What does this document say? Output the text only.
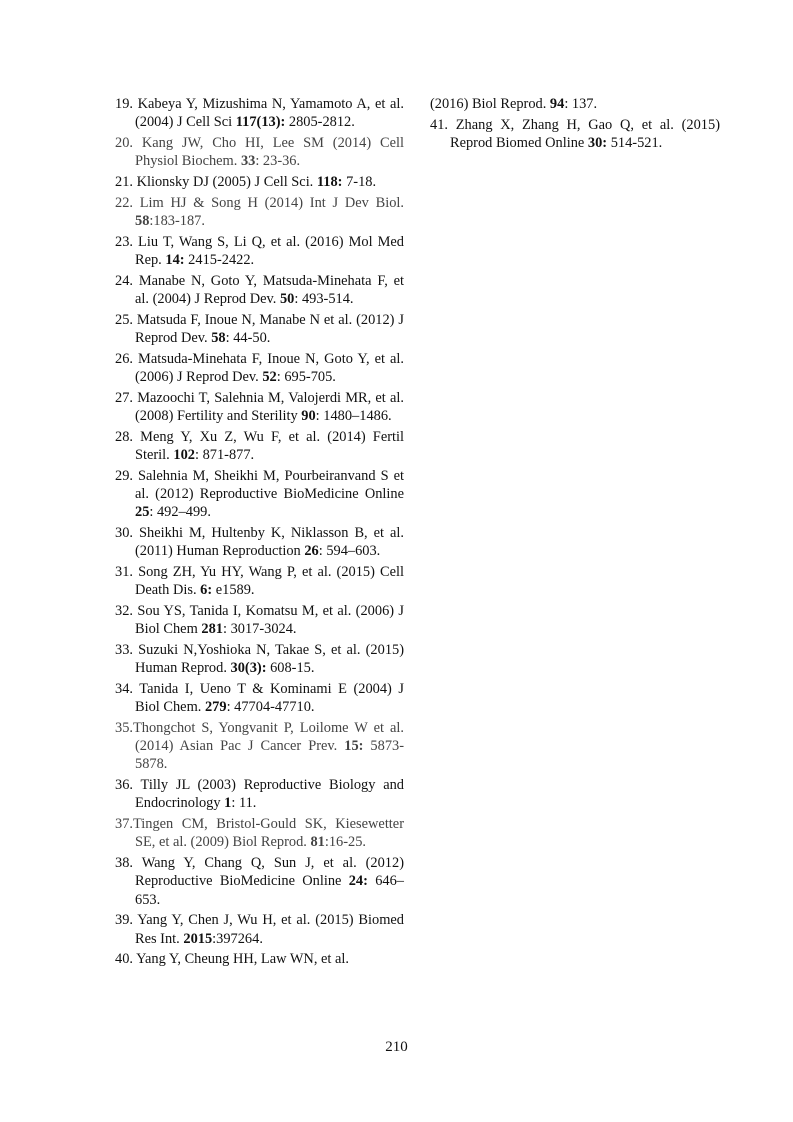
19. Kabeya Y, Mizushima N, Yamamoto A, et al. (2004) J Cell Sci 117(13): 2805-2812.
20. Kang JW, Cho HI, Lee SM (2014) Cell Physiol Biochem. 33: 23-36.
21. Klionsky DJ (2005) J Cell Sci. 118: 7-18.
22. Lim HJ & Song H (2014) Int J Dev Biol. 58:183-187.
23. Liu T, Wang S, Li Q, et al. (2016) Mol Med Rep. 14: 2415-2422.
24. Manabe N, Goto Y, Matsuda-Minehata F, et al. (2004) J Reprod Dev. 50: 493-514.
25. Matsuda F, Inoue N, Manabe N et al. (2012) J Reprod Dev. 58: 44-50.
26. Matsuda-Minehata F, Inoue N, Goto Y, et al. (2006) J Reprod Dev. 52: 695-705.
27. Mazoochi T, Salehnia M, Valojerdi MR, et al. (2008) Fertility and Sterility 90: 1480–1486.
28. Meng Y, Xu Z, Wu F, et al. (2014) Fertil Steril. 102: 871-877.
29. Salehnia M, Sheikhi M, Pourbeiranvand S et al. (2012) Reproductive BioMedicine Online 25: 492–499.
30. Sheikhi M, Hultenby K, Niklasson B, et al. (2011) Human Reproduction 26: 594–603.
31. Song ZH, Yu HY, Wang P, et al. (2015) Cell Death Dis. 6: e1589.
32. Sou YS, Tanida I, Komatsu M, et al. (2006) J Biol Chem 281: 3017-3024.
33. Suzuki N,Yoshioka N, Takae S, et al. (2015) Human Reprod. 30(3): 608-15.
34. Tanida I, Ueno T & Kominami E (2004) J Biol Chem. 279: 47704-47710.
35.Thongchot S, Yongvanit P, Loilome W et al. (2014) Asian Pac J Cancer Prev. 15: 5873-5878.
36. Tilly JL (2003) Reproductive Biology and Endocrinology 1: 11.
37.Tingen CM, Bristol-Gould SK, Kiesewetter SE, et al. (2009) Biol Reprod. 81:16-25.
38. Wang Y, Chang Q, Sun J, et al. (2012) Reproductive BioMedicine Online 24: 646–653.
39. Yang Y, Chen J, Wu H, et al. (2015) Biomed Res Int. 2015:397264.
40. Yang Y, Cheung HH, Law WN, et al.
(2016) Biol Reprod. 94: 137.
41. Zhang X, Zhang H, Gao Q, et al. (2015) Reprod Biomed Online 30: 514-521.
210
